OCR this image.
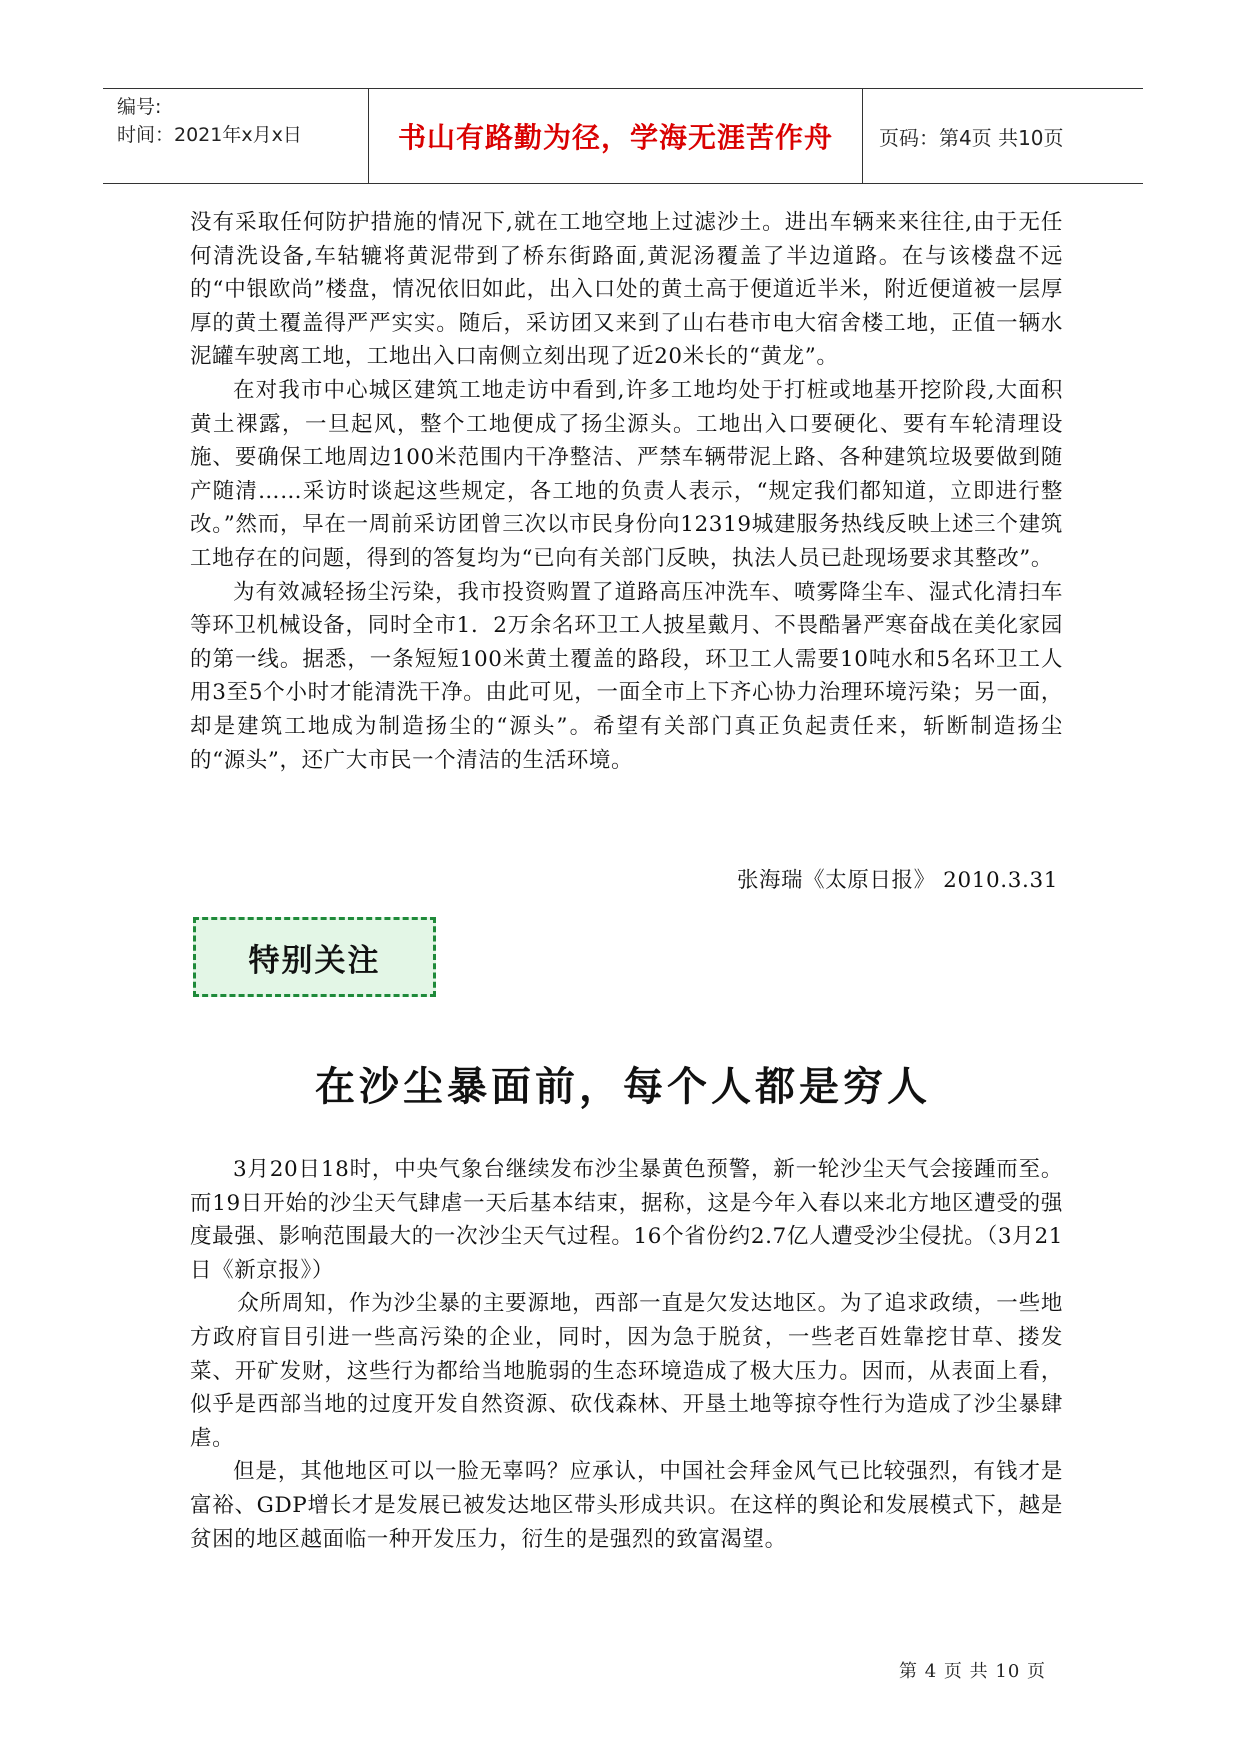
编号:
时间：2021年x月x日	书山有路勤为径，学海无涯苦作舟	页码：第4页 共10页

没有采取任何防护措施的情况下,就在工地空地上过滤沙土。进出车辆来来往往,由于无任何清洗设备,车轱辘将黄泥带到了桥东街路面,黄泥汤覆盖了半边道路。在与该楼盘不远的“中银欧尚”楼盘，情况依旧如此，出入口处的黄土高于便道近半米，附近便道被一层厚厚的黄土覆盖得严严实实。随后，采访团又来到了山右巷市电大宿舍楼工地，正值一辆水泥罐车驶离工地，工地出入口南侧立刻出现了近20米长的“黄龙”。

在对我市中心城区建筑工地走访中看到,许多工地均处于打桩或地基开挖阶段,大面积黄土裸露，一旦起风，整个工地便成了扬尘源头。工地出入口要硬化、要有车轮清理设施、要确保工地周边100米范围内干净整洁、严禁车辆带泥上路、各种建筑垃圾要做到随产随清……采访时谈起这些规定，各工地的负责人表示，“规定我们都知道，立即进行整改。”然而，早在一周前采访团曾三次以市民身份向12319城建服务热线反映上述三个建筑工地存在的问题，得到的答复均为“已向有关部门反映，执法人员已赴现场要求其整改”。

为有效减轻扬尘污染，我市投资购置了道路高压冲洗车、喷雾降尘车、湿式化清扫车等环卫机械设备，同时全市1．2万余名环卫工人披星戴月、不畏酷暑严寒奋战在美化家园的第一线。据悉，一条短短100米黄土覆盖的路段，环卫工人需要10吨水和5名环卫工人用3至5个小时才能清洗干净。由此可见，一面全市上下齐心协力治理环境污染；另一面，却是建筑工地成为制造扬尘的“源头”。希望有关部门真正负起责任来，斩断制造扬尘的“源头”，还广大市民一个清洁的生活环境。

张海瑞《太原日报》 2010.3.31
特别关注
在沙尘暴面前，每个人都是穷人

3月20日18时，中央气象台继续发布沙尘暴黄色预警，新一轮沙尘天气会接踵而至。而19日开始的沙尘天气肆虐一天后基本结束，据称，这是今年入春以来北方地区遭受的强度最强、影响范围最大的一次沙尘天气过程。16个省份约2.7亿人遭受沙尘侵扰。（3月21日《新京报》）

众所周知，作为沙尘暴的主要源地，西部一直是欠发达地区。为了追求政绩，一些地方政府盲目引进一些高污染的企业，同时，因为急于脱贫，一些老百姓靠挖甘草、搂发菜、开矿发财，这些行为都给当地脆弱的生态环境造成了极大压力。因而，从表面上看，似乎是西部当地的过度开发自然资源、砍伐森林、开垦土地等掠夺性行为造成了沙尘暴肆虐。

但是，其他地区可以一脸无辜吗？应承认，中国社会拜金风气已比较强烈，有钱才是富裕、GDP增长才是发展已被发达地区带头形成共识。在这样的舆论和发展模式下，越是贫困的地区越面临一种开发压力，衍生的是强烈的致富渴望。

第 4 页 共 10 页
